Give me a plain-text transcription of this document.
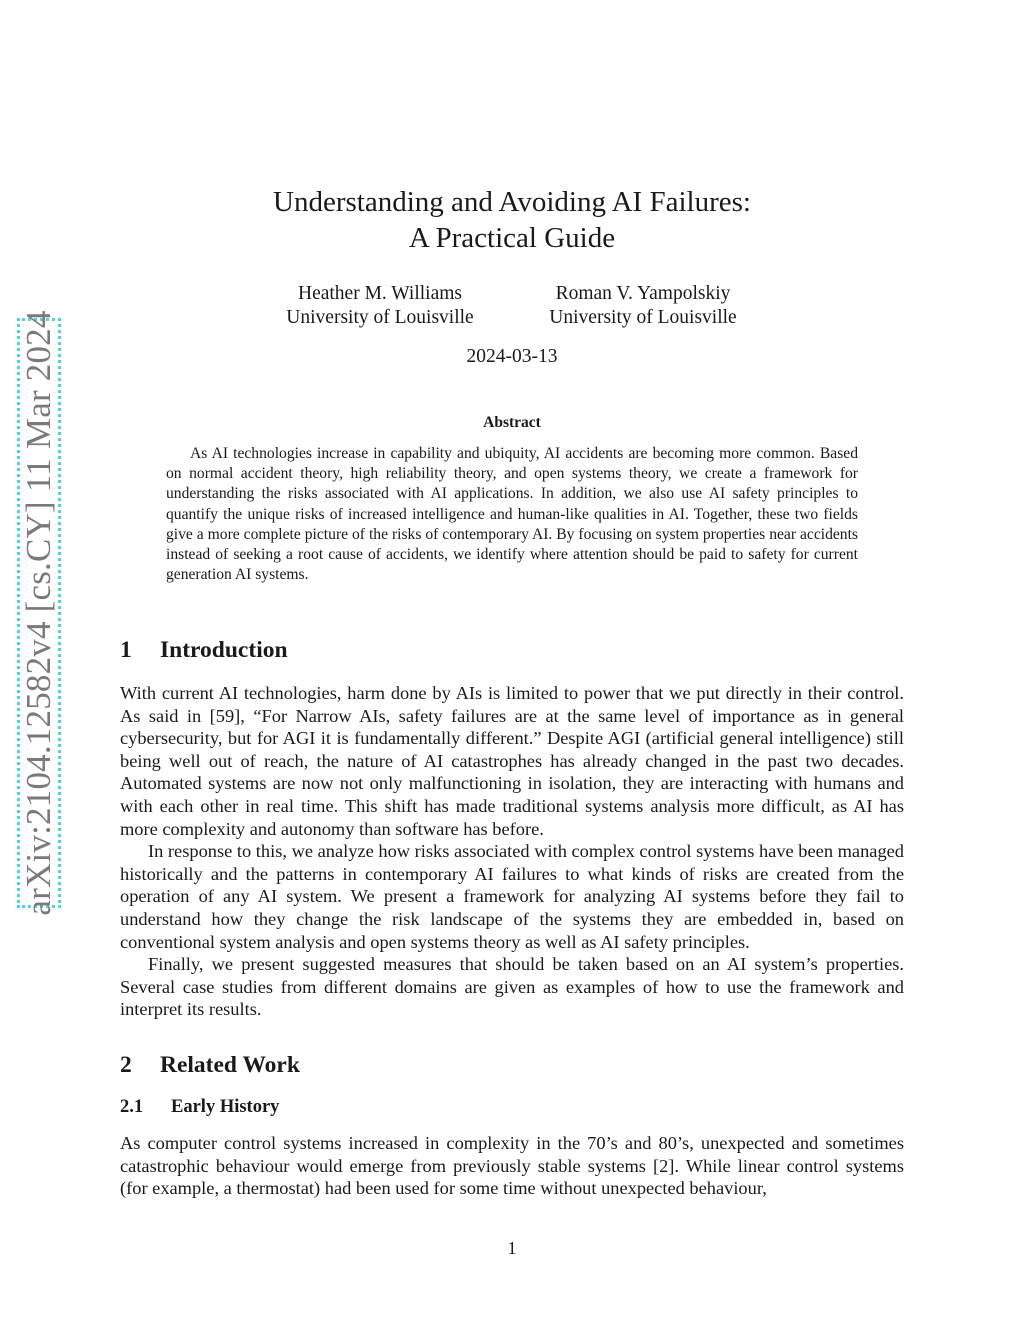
arXiv:2104.12582v4 [cs.CY] 11 Mar 2024
Understanding and Avoiding AI Failures:
A Practical Guide
Heather M. Williams
University of Louisville
Roman V. Yampolskiy
University of Louisville
2024-03-13
Abstract

As AI technologies increase in capability and ubiquity, AI accidents are becoming more common. Based on normal accident theory, high reliability theory, and open systems theory, we create a framework for understanding the risks associated with AI applications. In addition, we also use AI safety principles to quantify the unique risks of increased intelligence and human-like qualities in AI. Together, these two fields give a more complete picture of the risks of contemporary AI. By focusing on system properties near accidents instead of seeking a root cause of accidents, we identify where attention should be paid to safety for current generation AI systems.

1 Introduction

With current AI technologies, harm done by AIs is limited to power that we put directly in their control. As said in [59], “For Narrow AIs, safety failures are at the same level of importance as in general cybersecurity, but for AGI it is fundamentally different.” Despite AGI (artificial general intelligence) still being well out of reach, the nature of AI catastrophes has already changed in the past two decades. Automated systems are now not only malfunctioning in isolation, they are interacting with humans and with each other in real time. This shift has made traditional systems analysis more difficult, as AI has more complexity and autonomy than software has before.

In response to this, we analyze how risks associated with complex control systems have been managed historically and the patterns in contemporary AI failures to what kinds of risks are created from the operation of any AI system. We present a framework for analyzing AI systems before they fail to understand how they change the risk landscape of the systems they are embedded in, based on conventional system analysis and open systems theory as well as AI safety principles.

Finally, we present suggested measures that should be taken based on an AI system’s properties. Several case studies from different domains are given as examples of how to use the framework and interpret its results.

2 Related Work
2.1 Early History

As computer control systems increased in complexity in the 70’s and 80’s, unexpected and sometimes catastrophic behaviour would emerge from previously stable systems [2]. While linear control systems (for example, a thermostat) had been used for some time without unexpected behaviour,

1
